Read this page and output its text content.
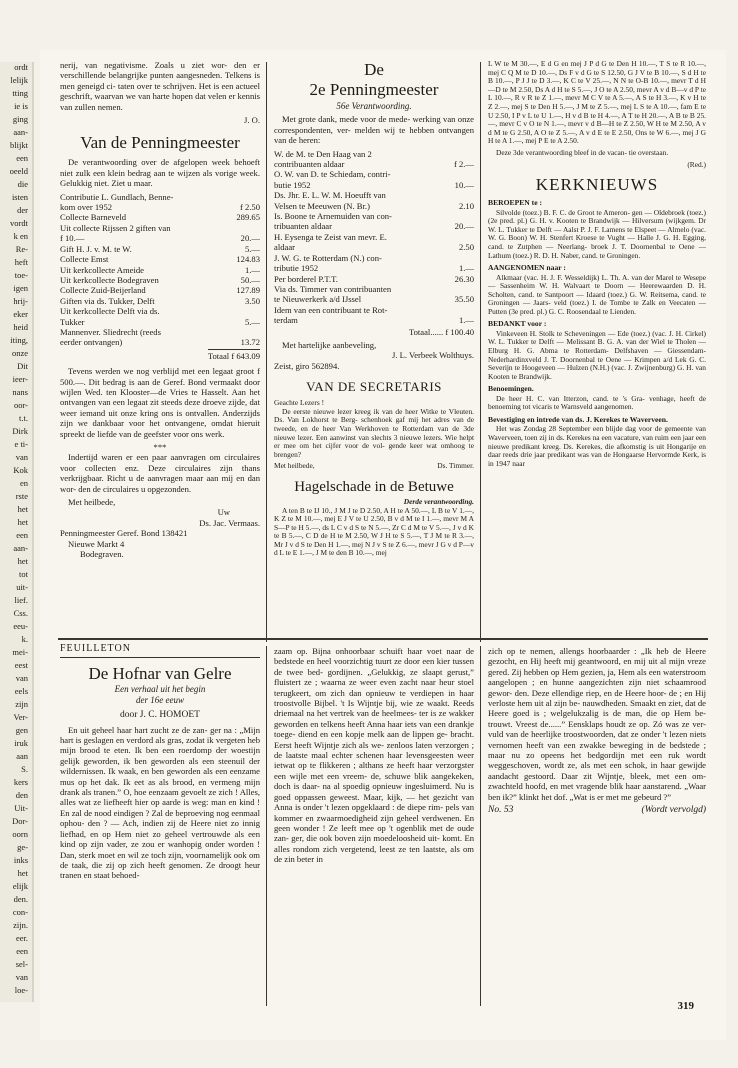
ordt
lelijk
tting
ie is
ging
aan-
blijkt
een
oeeld
die
isten
der
vordt
k en
Re-
heft
toe-
igen
hrij-
eker
heid
iting,
onze
Dit
ieer-
nans
oor-
t.t.
Dirk
e ti-
van
Kok
en
rste
het
het
een
aan-
het
tot
uit-
lief.
Css.
eeu-
k.
mei-
eest
van
eels
zijn
Ver-
gen
iruk
aan
S.
kers
den
Uit-
Dor-
oorn
ge-
inks
het
elijk
den.
con-
zijn.
eer.
een
sel-
van
loe-

nerij, van negativisme. Zoals u ziet wor- den er verschillende belangrijke punten aangesneden. Telkens is men geneigd ci- taten over te schrijven. Het is een actueel geschrift, waarvan we van harte hopen dat velen er kennis van zullen nemen.

J. O.
Van de Penningmeester

De verantwoording over de afgelopen week behoeft niet zulk een klein bedrag aan te wijzen als vorige week. Gelukkig niet. Ziet u maar.

Contributie L. Gundlach, Benne-
kom over 1952	f 2.50
Collecte Barneveld	289.65
Uit collecte Rijssen 2 giften van
f 10.—	20.—
Gift H. J. v. M. te W.	5.—
Collecte Emst	124.83
Uit kerkcollecte Ameide	1.—
Uit kerkcollecte Bodegraven	50.—
Collecte Zuid-Beijerland	127.89
Giften via ds. Tukker, Delft	3.50
Uit kerkcollecte Delft via ds.
Tukker	5.—
Mannenver. Sliedrecht (reeds
eerder ontvangen)	13.72
Totaal f 643.09

Tevens werden we nog verblijd met een legaat groot f 500.—. Dit bedrag is aan de Geref. Bond vermaakt door wijlen Wed. ten Klooster—de Vries te Hasselt. Aan het ontvangen van een legaat zit steeds deze droeve zijde, dat weer iemand uit onze kring ons is ontvallen. Anderzijds zijn we dankbaar voor het ontvangene, omdat hieruit spreekt de liefde van de geefster voor ons werk.

***

Indertijd waren er een paar aanvragen om circulaires voor collecten enz. Deze circulaires zijn thans verkrijgbaar. Richt u de aanvragen maar aan mij en dan wor- den de circulaires u opgezonden.

Met heilbede,
Uw
Ds. Jac. Vermaas.
Penningmeester Geref. Bond 138421
Nieuwe Markt 4
Bodegraven.
De
2e Penningmeester
56e Verantwoording.

Met grote dank, mede voor de mede- werking van onze correspondenten, ver- melden wij te hebben ontvangen van de heren:

W. de M. te Den Haag van 2
contribuanten aldaar	f 2.—
O. W. van D. te Schiedam, contri-
butie 1952	10.—
Ds. Jhr. E. L. W. M. Hoeufft van
Velsen te Meeuwen (N. Br.)	2.10
Is. Boone te Arnemuiden van con-
tribuanten aldaar	20.—
H. Eysenga te Zeist van mevr. E.
aldaar	2.50
J. W. G. te Rotterdam (N.) con-
tributie 1952	1.—
Per borderel P.T.T.	26.30
Via ds. Timmer van contribuanten
te Nieuwerkerk a/d IJssel	35.50
Idem van een contribuant te Rot-
terdam	1.—
Totaal...... f 100.40
Met hartelijke aanbeveling,
J. L. Verbeek Wolthuys.
Zeist, giro 562894.
VAN DE SECRETARIS
Geachte Lezers !

De eerste nieuwe lezer kreeg ik van de heer Witke te Vleuten. Ds. Van Lokhorst te Berg- schenhoek gaf mij het adres van de tweede, en de heer Van Werkhoven te Rotterdam van de 3de nieuwe lezer. Een aanwinst van slechts 3 nieuwe lezers. Wie helpt er mee om het cijfer voor de vol- gende keer wat omhoog te brengen?

Met heilbede,	Ds. Timmer.
Hagelschade in de Betuwe
Derde verantwoording.

A ten B te IJ 10., J M J te D 2.50, A H te A 50.—, L B te V 1.—, K Z te M 10.—, mej E J V te U 2.50, B v d M te I 1.—, mevr M A S—P te H 5.—, ds L C v d S te N 5.—, Zr C d M te V 5.—, J v d K te B 5.—, C D de H te M 2.50, W J H te S 5.—, T J M te R 3.—, Mr J v d S te Den H 1.—, mej N J v S te Z 6.—, mevr J G v d P—v d L te E 1.—, J M te den B 10.—, mej

L W te M 30.—, E d G en mej J P d G te Den H 10.—, T S te R 10.—, mej C Q M te D 10.—, Ds F v d G te S 12.50, G J V te B 10.—, S d H te B 10.—, P J J te D 3.—, K C te V 25.—, N N te O-B 10.—, mevr T d H—D te M 2.50, Ds A d H te S 5.—, J O te A 2.50, mevr A v d B—v d P te L 10.—, R v R te Z 1.—, mevr M C V te A 5.—, A S te H 3.—, K v H te Z 2.—, mej S te Den H 5.—, J M te Z 5.—, mej L S te A 10.—, fam E te U 2.50, I P v L te U 1.—, H v d B te H 4.—, A T te H 20.—, A B te B 25.—, mevr C v O te N 1.—, mevr v d B—H te Z 2.50, W H te M 2.50, A v d M te G 2.50, A O te Z 5.—, A v d E te E 2.50, Ons te W 6.—, mej J G H te A 1.—, mej P E te A 2.50.

Deze 3de verantwoording bleef in de vacan- tie overstaan.

(Red.)
KERKNIEUWS
BEROEPEN te :

Silvolde (toez.) B. F. C. de Groot te Ameron- gen — Oldebroek (toez.) (2e pred. pl.) G. H. v. Kooten te Brandwijk — Hilversum (wijkgem. Dr W. L. Tukker te Delft — Aalst P. J. F. Lamens te Elspeet — Almelo (vac. W. G. Boon) W. H. Stenfert Kroese te Vught — Halle J. G. H. Egging, cand. te Zutphen — Neerlang- broek J. T. Doornenbal te Oene — Lathum (toez.) R. D. H. Naber, cand. te Groningen.

AANGENOMEN naar :

Alkmaar (vac. H. J. F. Wesseldijk) L. Th. A. van der Marel te Wesepe — Sassenheim W. H. Walvaart te Doorn — Heerewaarden D. H. Scholten, cand. te Santpoort — Idaard (toez.) G. W. Reitsema, cand. te Groningen — Jaars- veld (toez.) I. de Tombe te Zalk en Veecaten — Putten (3e pred. pl.) G. C. Roosendaal te Lienden.

BEDANKT voor :

Vinkeveen H. Stolk te Scheveningen — Ede (toez.) (vac. J. H. Cirkel) W. L. Tukker te Delft — Melissant B. G. A. van der Wiel te Tholen — Elburg H. G. Abma te Rotterdam- Delfshaven — Giessendam-Nederhardinxveld J. T. Doornenbal te Oene — Krimpen a/d Lek G. C. Severijn te Hoogeveen — Hulzen (N.H.) (vac. J. Zwijnenburg) G. H. van Kooten te Brandwijk.

Benoemingen.

De heer H. C. van Itterzon, cand. te 's Gra- venhage, heeft de benoeming tot vicaris te Warnsveld aangenomen.

Bevestiging en intrede van ds. J. Kerekes te Waverveen.

Het was Zondag 28 September een blijde dag voor de gemeente van Waverveen, toen zij in ds. Kerekes na een vacature, van ruim een jaar een nieuwe predikant kreeg. Ds. Kerekes, die afkomstig is uit Hongarije en daar reeds drie jaar predikant was van de Hongaarse Hervormde Kerk, is in 1947 naar

FEUILLETON
De Hofnar van Gelre
Een verhaal uit het begin
der 16e eeuw
door J. C. HOMOET

En uit geheel haar hart zucht ze de zan- ger na : „Mijn hart is geslagen en verdord als gras, zodat ik vergeten heb mijn brood te eten. Ik ben een roerdomp der woestijn gelijk geworden, ik ben geworden als een steenuil der wildernissen. Ik waak, en ben geworden als een eenzame mus op het dak. Ik eet as als brood, en vermeng mijn drank als tranen.” O, hoe eenzaam gevoelt ze zich ! Alles, alles wat ze liefheeft hier op aarde is weg: man en kind ! En zal de nood eindigen ? Zal de beproeving nog eenmaal ophou- den ? — Ach, indien zij de Heere niet zo innig liefhad, en op Hem niet zo geheel vertrouwde als een kind op zijn vader, ze zou er wanhopig onder worden ! Dan, sterk moet en wil ze toch zijn, voornamelijk ook om de taak, die zij op zich heeft genomen. Ze droogt heur tranen en staat behoed-

zaam op. Bijna onhoorbaar schuift haar voet naar de bedstede en heel voorzichtig tuurt ze door een kier tussen de twee bed- gordijnen. „Gelukkig, ze slaapt gerust,” fluistert ze ; waarna ze weer even zacht naar heur stoel terugkeert, om zich dan opnieuw te verdiepen in haar troostvolle Bijbel. 't Is Wijntje bij, wie ze waakt. Reeds driemaal na het vertrek van de heelmees- ter is ze wakker geworden en telkens heeft Anna haar iets van een drankje toege- diend en een kopje melk aan de lippen ge- bracht. Eerst heeft Wijntje zich als we- zenloos laten verzorgen ; de laatste maal echter schenen haar levensgeesten weer ietwat op te flikkeren ; althans ze heeft haar verzorgster een wijle met een vreem- de, schuwe blik aangekeken, doch is daar- na al spoedig opnieuw ingesluimerd. Nu is goed oppassen geweest. Maar, kijk, — het gezicht van Anna is onder 't lezen opgeklaard : de diepe rim- pels van kommer en zwaarmoedigheid zijn geheel verdwenen. En geen wonder ! Ze leeft mee op 't ogenblik met de oude zan- ger, die ook boven zijn moedeloosheid uit- komt. En alles rondom zich vergetend, leest ze ten laatste, als om de zin beter in

zich op te nemen, allengs hoorbaarder : „Ik heb de Heere gezocht, en Hij heeft mij geantwoord, en mij uit al mijn vreze gered. Zij hebben op Hem gezien, ja, Hem als een waterstroom aangelopen ; en hunne aangezichten zijn niet schaamrood gewor- den. Deze ellendige riep, en de Heere hoor- de ; en Hij verloste hem uit al zijn be- nauwdheden. Smaakt en ziet, dat de Heere goed is ; welgelukzalig is de man, die op Hem be- trouwt. Vreest de......” Eensklaps houdt ze op. Zó was ze ver- vuld van de heerlijke troostwoorden, dat ze onder 't lezen niets vernomen heeft van een zwakke beweging in de bedstede ; maar nu zo opeens het bedgordijn met een ruk wordt weggeschoven, wordt ze, als met een schok, in haar gewijde aandacht gestoord. Daar zit Wijntje, bleek, met een om- zwachteld hoofd, en met vragende blik haar aanstarend. „Waar ben ik?” klinkt het dof. „Wat is er met me gebeurd ?”

No. 53	(Wordt vervolgd)
319
